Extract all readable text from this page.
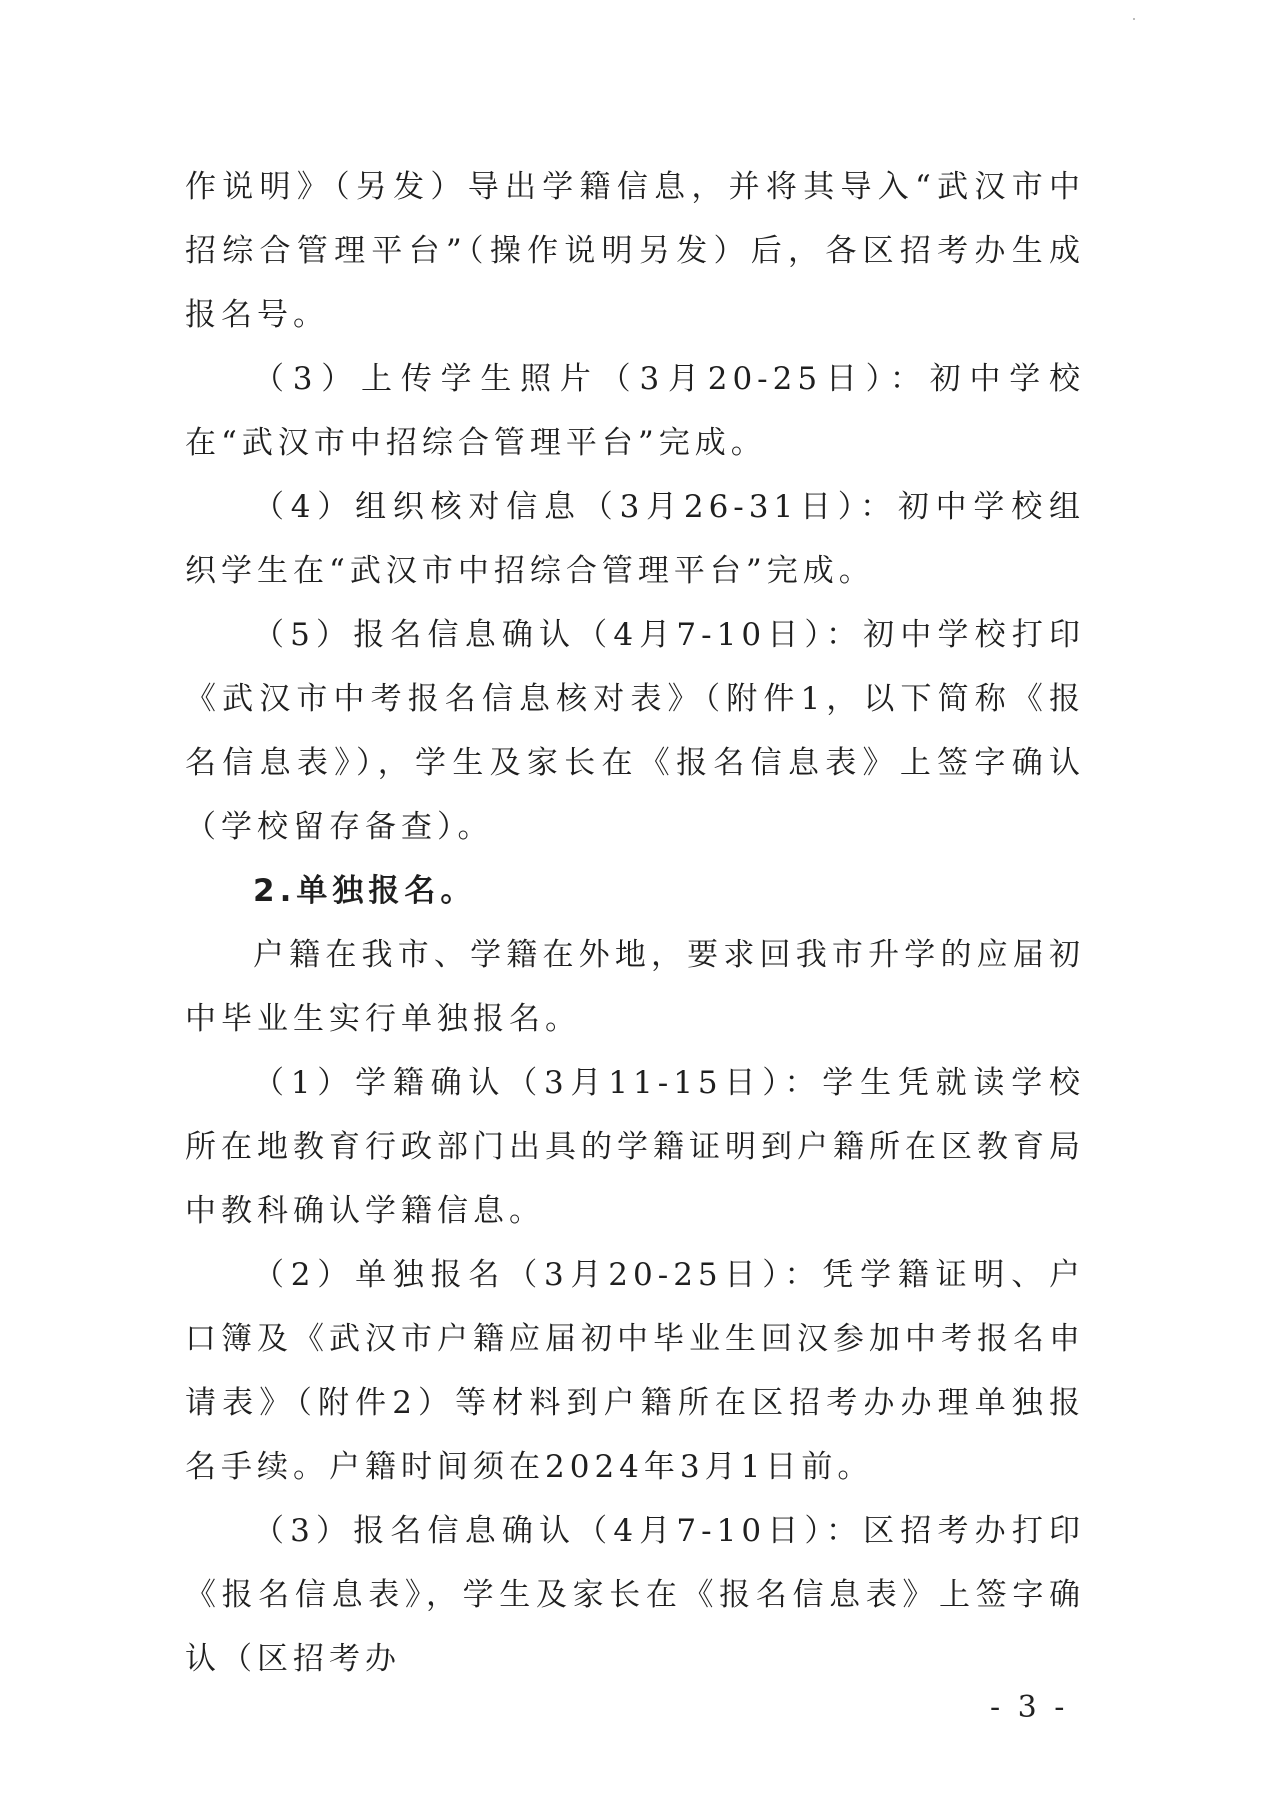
作说明》（另发）导出学籍信息，并将其导入“武汉市中招综合管理平台”（操作说明另发）后，各区招考办生成报名号。

（3）上传学生照片（3月20-25日）：初中学校在“武汉市中招综合管理平台”完成。

（4）组织核对信息（3月26-31日）：初中学校组织学生在“武汉市中招综合管理平台”完成。

（5）报名信息确认（4月7-10日）：初中学校打印《武汉市中考报名信息核对表》（附件1，以下简称《报名信息表》），学生及家长在《报名信息表》上签字确认（学校留存备查）。

2.单独报名。

户籍在我市、学籍在外地，要求回我市升学的应届初中毕业生实行单独报名。

（1）学籍确认（3月11-15日）：学生凭就读学校所在地教育行政部门出具的学籍证明到户籍所在区教育局中教科确认学籍信息。

（2）单独报名（3月20-25日）：凭学籍证明、户口簿及《武汉市户籍应届初中毕业生回汉参加中考报名申请表》（附件2）等材料到户籍所在区招考办办理单独报名手续。户籍时间须在2024年3月1日前。

（3）报名信息确认（4月7-10日）：区招考办打印《报名信息表》，学生及家长在《报名信息表》上签字确认（区招考办

- 3 -
